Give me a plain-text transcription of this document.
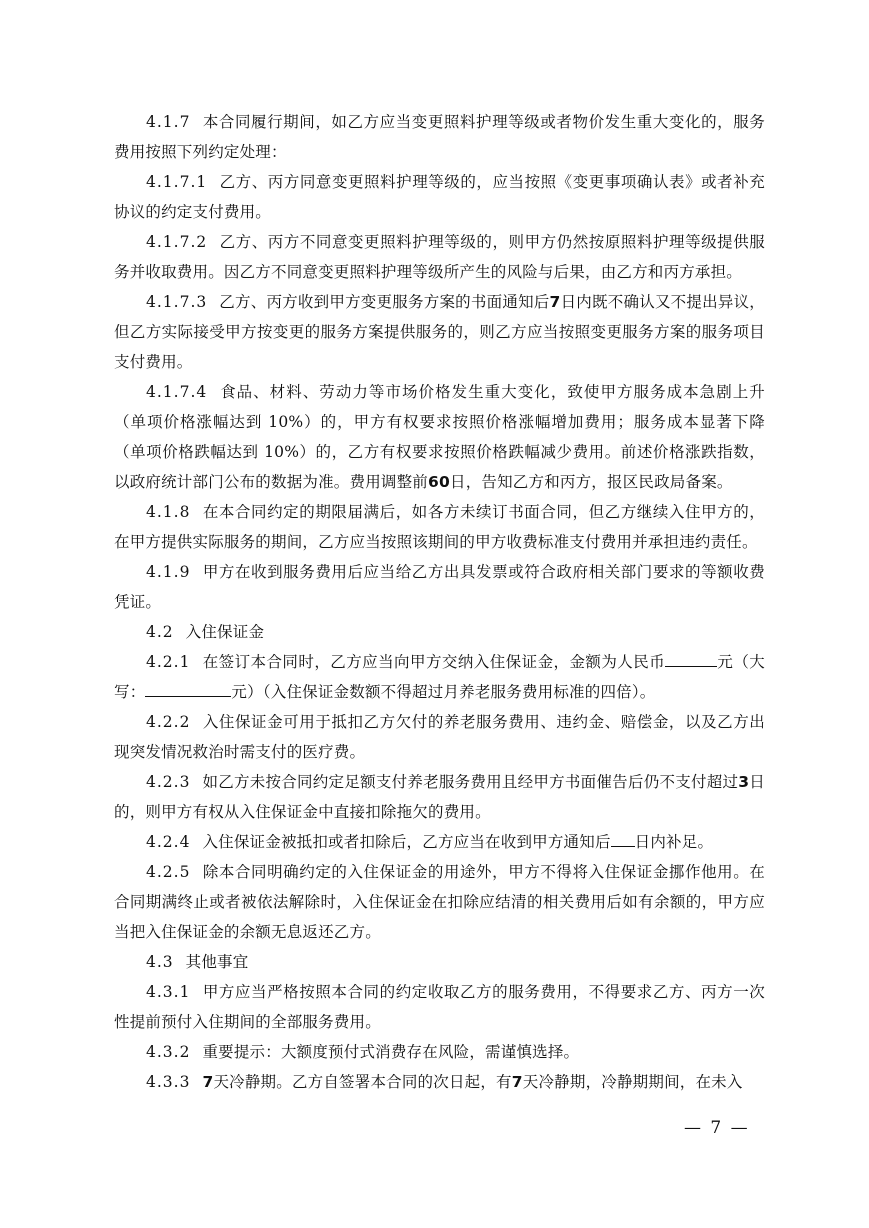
4.1.7 本合同履行期间，如乙方应当变更照料护理等级或者物价发生重大变化的，服务费用按照下列约定处理：

4.1.7.1 乙方、丙方同意变更照料护理等级的，应当按照《变更事项确认表》或者补充协议的约定支付费用。

4.1.7.2 乙方、丙方不同意变更照料护理等级的，则甲方仍然按原照料护理等级提供服务并收取费用。因乙方不同意变更照料护理等级所产生的风险与后果，由乙方和丙方承担。

4.1.7.3 乙方、丙方收到甲方变更服务方案的书面通知后7日内既不确认又不提出异议，但乙方实际接受甲方按变更的服务方案提供服务的，则乙方应当按照变更服务方案的服务项目支付费用。

4.1.7.4 食品、材料、劳动力等市场价格发生重大变化，致使甲方服务成本急剧上升（单项价格涨幅达到 10%）的，甲方有权要求按照价格涨幅增加费用；服务成本显著下降（单项价格跌幅达到 10%）的，乙方有权要求按照价格跌幅减少费用。前述价格涨跌指数，以政府统计部门公布的数据为准。费用调整前60日，告知乙方和丙方，报区民政局备案。

4.1.8 在本合同约定的期限届满后，如各方未续订书面合同，但乙方继续入住甲方的，在甲方提供实际服务的期间，乙方应当按照该期间的甲方收费标准支付费用并承担违约责任。

4.1.9 甲方在收到服务费用后应当给乙方出具发票或符合政府相关部门要求的等额收费凭证。

4.2 入住保证金

4.2.1 在签订本合同时，乙方应当向甲方交纳入住保证金，金额为人民币	元（大写：	元）（入住保证金数额不得超过月养老服务费用标准的四倍）。

4.2.2 入住保证金可用于抵扣乙方欠付的养老服务费用、违约金、赔偿金，以及乙方出现突发情况救治时需支付的医疗费。

4.2.3 如乙方未按合同约定足额支付养老服务费用且经甲方书面催告后仍不支付超过3日的，则甲方有权从入住保证金中直接扣除拖欠的费用。

4.2.4 入住保证金被抵扣或者扣除后，乙方应当在收到甲方通知后 日内补足。

4.2.5 除本合同明确约定的入住保证金的用途外，甲方不得将入住保证金挪作他用。在合同期满终止或者被依法解除时，入住保证金在扣除应结清的相关费用后如有余额的，甲方应当把入住保证金的余额无息返还乙方。

4.3 其他事宜

4.3.1 甲方应当严格按照本合同的约定收取乙方的服务费用，不得要求乙方、丙方一次性提前预付入住期间的全部服务费用。

4.3.2 重要提示：大额度预付式消费存在风险，需谨慎选择。

4.3.3 7天冷静期。乙方自签署本合同的次日起，有7天冷静期，冷静期期间，在未入

— 7 —
